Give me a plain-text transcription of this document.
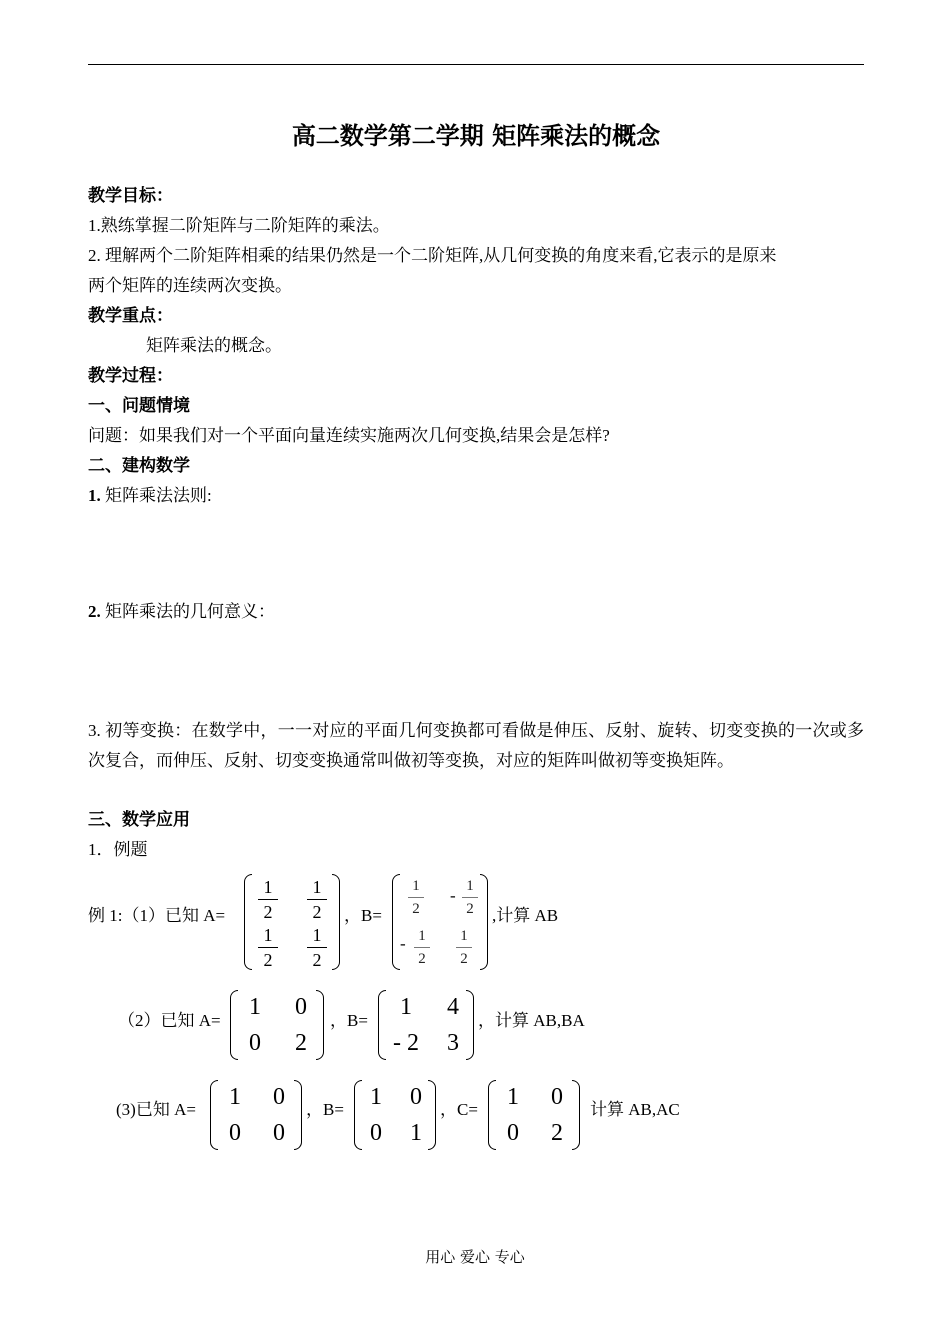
高二数学第二学期 矩阵乘法的概念
教学目标：
1.熟练掌握二阶矩阵与二阶矩阵的乘法。
2. 理解两个二阶矩阵相乘的结果仍然是一个二阶矩阵,从几何变换的角度来看,它表示的是原来
两个矩阵的连续两次变换。
教学重点：
矩阵乘法的概念。
教学过程：
一、问题情境
问题：如果我们对一个平面向量连续实施两次几何变换,结果会是怎样?
二、建构数学
1. 矩阵乘法法则:
2. 矩阵乘法的几何意义：
3. 初等变换：在数学中，一一对应的平面几何变换都可看做是伸压、反射、旋转、切变变换的一次或多次复合，而伸压、反射、切变变换通常叫做初等变换，对应的矩阵叫做初等变换矩阵。
三、数学应用
1．例题
例 1:（1）已知 A=
1
2
1
2
1
2
1
2
，B=
1
2
- 1
2
- 1
2
1
2
,计算 AB
（2）已知 A=
1 0
0 2
，B=
1	4
- 2 3
，计算 AB,BA
(3)已知 A= 1 0
0 0
，B= 1 0
0 1
，C= 1 0
0 2
计算 AB,AC
用心 爱心 专心
